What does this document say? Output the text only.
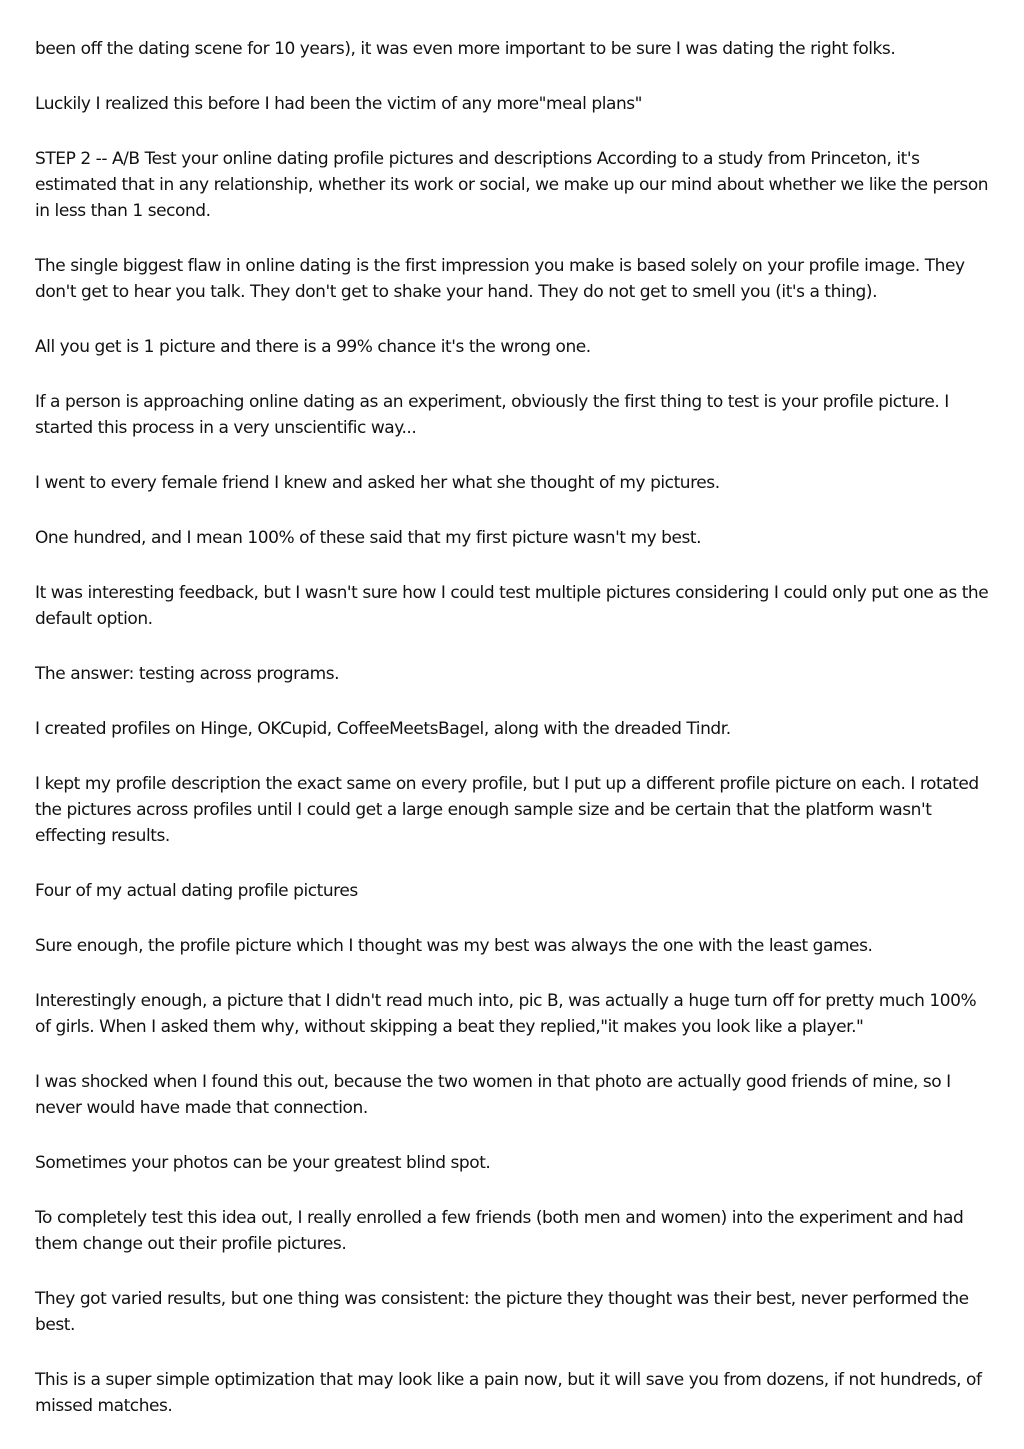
been off the dating scene for 10 years), it was even more important to be sure I was dating the right folks.

Luckily I realized this before I had been the victim of any more"meal plans"

STEP 2 -- A/B Test your online dating profile pictures and descriptions According to a study from Princeton, it's estimated that in any relationship, whether its work or social, we make up our mind about whether we like the person in less than 1 second.

The single biggest flaw in online dating is the first impression you make is based solely on your profile image. They don't get to hear you talk. They don't get to shake your hand. They do not get to smell you (it's a thing).

All you get is 1 picture and there is a 99% chance it's the wrong one.

If a person is approaching online dating as an experiment, obviously the first thing to test is your profile picture. I started this process in a very unscientific way...

I went to every female friend I knew and asked her what she thought of my pictures.

One hundred, and I mean 100% of these said that my first picture wasn't my best.

It was interesting feedback, but I wasn't sure how I could test multiple pictures considering I could only put one as the default option.

The answer: testing across programs.

I created profiles on Hinge, OKCupid, CoffeeMeetsBagel, along with the dreaded Tindr.

I kept my profile description the exact same on every profile, but I put up a different profile picture on each. I rotated the pictures across profiles until I could get a large enough sample size and be certain that the platform wasn't effecting results.

Four of my actual dating profile pictures

Sure enough, the profile picture which I thought was my best was always the one with the least games.

Interestingly enough, a picture that I didn't read much into, pic B, was actually a huge turn off for pretty much 100% of girls. When I asked them why, without skipping a beat they replied,"it makes you look like a player."

I was shocked when I found this out, because the two women in that photo are actually good friends of mine, so I never would have made that connection.

Sometimes your photos can be your greatest blind spot.

To completely test this idea out, I really enrolled a few friends (both men and women) into the experiment and had them change out their profile pictures.

They got varied results, but one thing was consistent: the picture they thought was their best, never performed the best.

This is a super simple optimization that may look like a pain now, but it will save you from dozens, if not hundreds, of missed matches.
